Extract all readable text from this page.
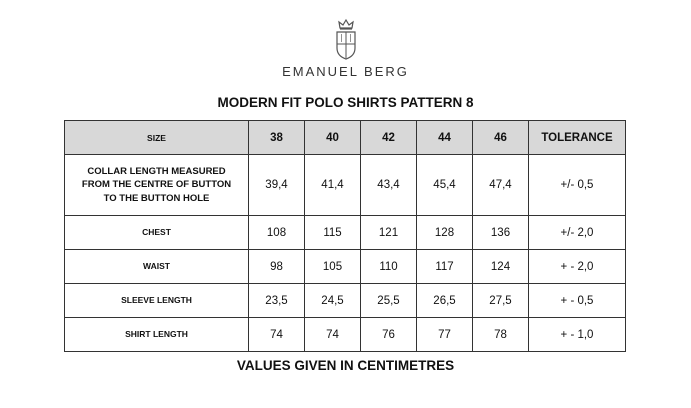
EMANUEL BERG
MODERN FIT POLO SHIRTS PATTERN 8
SIZE	38	40	42	44	46	TOLERANCE
COLLAR LENGTH MEASURED
FROM THE CENTRE OF BUTTON
TO THE BUTTON HOLE	39,4	41,4	43,4	45,4	47,4	+/- 0,5
CHEST	108	115	121	128	136	+/- 2,0
WAIST	98	105	110	117	124	+ - 2,0
SLEEVE LENGTH	23,5	24,5	25,5	26,5	27,5	+ - 0,5
SHIRT LENGTH	74	74	76	77	78	+ - 1,0
VALUES GIVEN IN CENTIMETRES
